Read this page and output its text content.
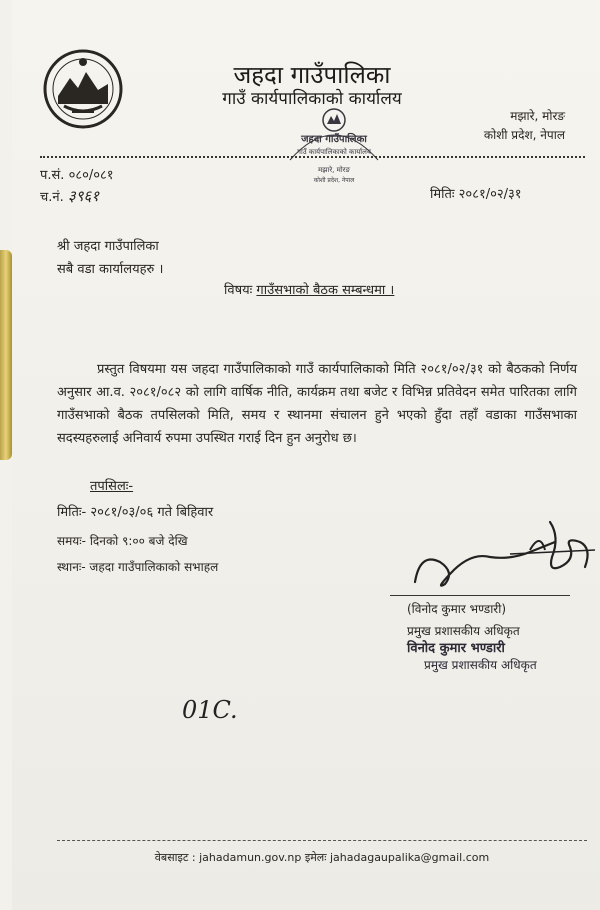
जहदा गाउँपालिका
गाउँ कार्यपालिकाको कार्यालय
मझारे, मोरङ
कोशी प्रदेश, नेपाल
जहदा गाउँपालिका
गाउँ कार्यपालिकाको कार्यालय
मझारे, मोरङ
कोशी प्रदेश, नेपाल
प.सं. ०८०/०८१
च.नं. ३९६१	मितिः २०८१/०२/३१
श्री जहदा गाउँपालिका
सबै वडा कार्यालयहरु ।
विषयः गाउँसभाको बैठक सम्बन्धमा ।
प्रस्तुत विषयमा यस जहदा गाउँपालिकाको गाउँ कार्यपालिकाको मिति २०८१/०२/३१ को बैठकको निर्णय अनुसार आ.व. २०८१/०८२ को लागि वार्षिक नीति, कार्यक्रम तथा बजेट र विभिन्न प्रतिवेदन समेत पारितका लागि गाउँसभाको बैठक तपसिलको मिति, समय र स्थानमा संचालन हुने भएको हुँदा तहाँ वडाका गाउँसभाका सदस्यहरुलाई अनिवार्य रुपमा उपस्थित गराई दिन हुन अनुरोध छ।
तपसिलः-
मितिः- २०८१/०३/०६ गते बिहिवार
समयः- दिनको ९:०० बजे देखि
स्थानः- जहदा गाउँपालिकाको सभाहल
(विनोद कुमार भण्डारी)
प्रमुख प्रशासकीय अधिकृत
विनोद कुमार भण्डारी
प्रमुख प्रशासकीय अधिकृत
01C.
वेबसाइट : jahadamun.gov.np इमेलः jahadagaupalika@gmail.com
